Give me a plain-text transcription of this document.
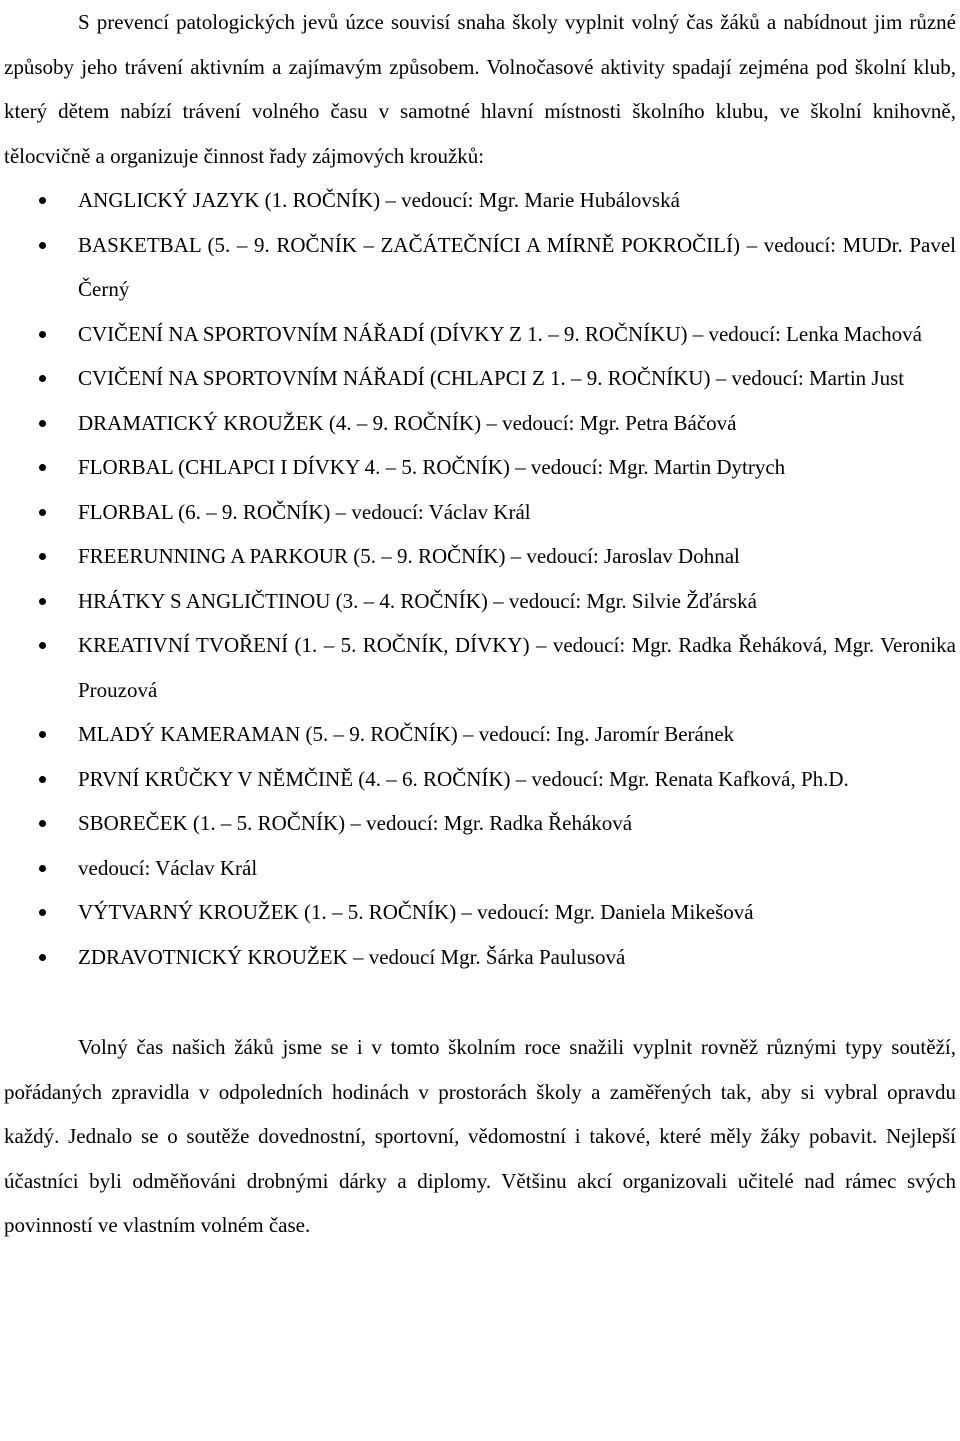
S prevencí patologických jevů úzce souvisí snaha školy vyplnit volný čas žáků a nabídnout jim různé způsoby jeho trávení aktivním a zajímavým způsobem. Volnočasové aktivity spadají zejména pod školní klub, který dětem nabízí trávení volného času v samotné hlavní místnosti školního klubu, ve školní knihovně, tělocvičně a organizuje činnost řady zájmových kroužků:

ANGLICKÝ JAZYK (1. ROČNÍK) – vedoucí: Mgr. Marie Hubálovská
BASKETBAL (5. – 9. ROČNÍK – ZAČÁTEČNÍCI A MÍRNĚ POKROČILÍ) – vedoucí: MUDr. Pavel Černý
CVIČENÍ NA SPORTOVNÍM NÁŘADÍ (DÍVKY Z 1. – 9. ROČNÍKU) – vedoucí: Lenka Machová
CVIČENÍ NA SPORTOVNÍM NÁŘADÍ (CHLAPCI Z 1. – 9. ROČNÍKU) – vedoucí: Martin Just
DRAMATICKÝ KROUŽEK (4. – 9. ROČNÍK) – vedoucí: Mgr. Petra Báčová
FLORBAL (CHLAPCI I DÍVKY 4. – 5. ROČNÍK) – vedoucí: Mgr. Martin Dytrych
FLORBAL (6. – 9. ROČNÍK) – vedoucí: Václav Král
FREERUNNING A PARKOUR (5. – 9. ROČNÍK) – vedoucí: Jaroslav Dohnal
HRÁTKY S ANGLIČTINOU (3. – 4. ROČNÍK) – vedoucí: Mgr. Silvie Žďárská
KREATIVNÍ TVOŘENÍ (1. – 5. ROČNÍK, DÍVKY) – vedoucí: Mgr. Radka Řeháková, Mgr. Veronika Prouzová
MLADÝ KAMERAMAN (5. – 9. ROČNÍK) – vedoucí: Ing. Jaromír Beránek
PRVNÍ KRŮČKY V NĚMČINĚ (4. – 6. ROČNÍK) – vedoucí: Mgr. Renata Kafková, Ph.D.
SBOREČEK (1. – 5. ROČNÍK) – vedoucí: Mgr. Radka Řeháková
vedoucí: Václav Král
VÝTVARNÝ KROUŽEK (1. – 5. ROČNÍK) – vedoucí: Mgr. Daniela Mikešová
ZDRAVOTNICKÝ KROUŽEK – vedoucí Mgr. Šárka Paulusová

Volný čas našich žáků jsme se i v tomto školním roce snažili vyplnit rovněž různými typy soutěží, pořádaných zpravidla v odpoledních hodinách v prostorách školy a zaměřených tak, aby si vybral opravdu každý. Jednalo se o soutěže dovednostní, sportovní, vědomostní i takové, které měly žáky pobavit. Nejlepší účastníci byli odměňováni drobnými dárky a diplomy. Většinu akcí organizovali učitelé nad rámec svých povinností ve vlastním volném čase.
